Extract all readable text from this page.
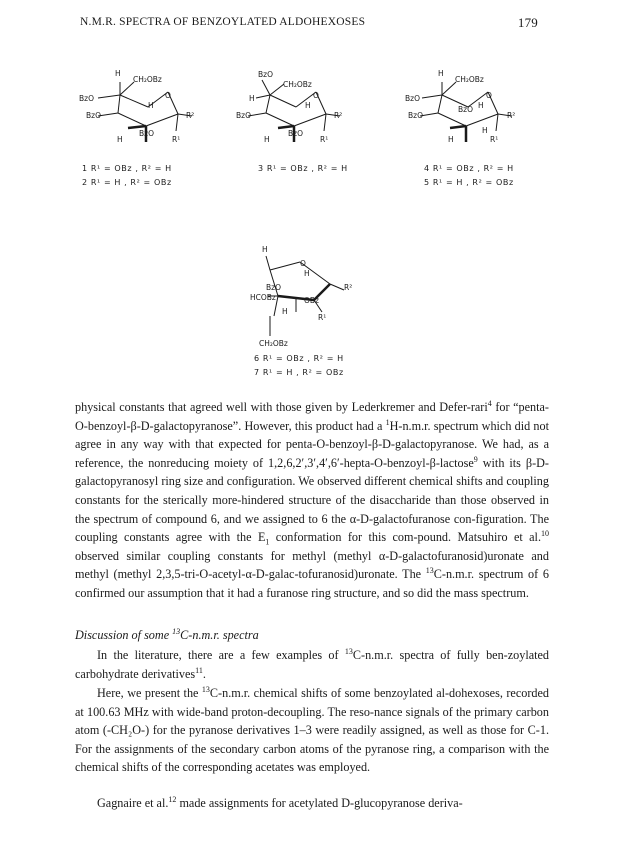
N.M.R. SPECTRA OF BENZOYLATED ALDOHEXOSES	179
H
CH₂OBz
BzO
BzO
O
H
BzO
R¹
R²
H
BzO
CH₂OBz
H
BzO
O
H
BzO
R¹
R²
H
H
CH₂OBz
BzO
BzO
O
H
BzO
R¹
R²
H
H
H
O
H
R²
BzO
HCOBz
H
OBz
R¹
CH₂OBz
1 R¹ = OBz , R² = H
2 R¹ = H , R² = OBz
3 R¹ = OBz , R² = H	4 R¹ = OBz , R² = H
5 R¹ = H , R² = OBz
6 R¹ = OBz , R² = H
7 R¹ = H , R² = OBz

physical constants that agreed well with those given by Lederkremer and Defer-rari$^4$ for “penta-O-benzoyl-β-D-galactopyranose”. However, this product had a $^1$H-n.m.r. spectrum which did not agree in any way with that expected for penta-O-benzoyl-β-D-galactopyranose. We had, as a reference, the nonreducing moiety of 1,2,6,2′,3′,4′,6′-hepta-O-benzoyl-β-lactose$^9$ with its β-D-galactopyranosyl ring size and configuration. We observed different chemical shifts and coupling constants for the sterically more-hindered structure of the disaccharide than those observed in the spectrum of compound 6, and we assigned to 6 the α-D-galactofuranose con-figuration. The coupling constants agree with the $E_1$ conformation for this com-pound. Matsuhiro et al.$^{10}$ observed similar coupling constants for methyl (methyl α-D-galactofuranosid)uronate and methyl (methyl 2,3,5-tri-O-acetyl-α-D-galac-tofuranosid)uronate. The $^{13}$C-n.m.r. spectrum of 6 confirmed our assumption that it had a furanose ring structure, and so did the mass spectrum.

Discussion of some $^{13}$C-n.m.r. spectra

In the literature, there are a few examples of $^{13}$C-n.m.r. spectra of fully ben-zoylated carbohydrate derivatives$^{11}$.

Here, we present the $^{13}$C-n.m.r. chemical shifts of some benzoylated al-dohexoses, recorded at 100.63 MHz with wide-band proton-decoupling. The reso-nance signals of the primary carbon atom (-CH₂O-) for the pyranose derivatives 1–3 were readily assigned, as well as those for C-1. For the assignments of the secondary carbon atoms of the pyranose ring, a comparison with the chemical shifts of the corresponding acetates was employed.

Gagnaire et al.$^{12}$ made assignments for acetylated D-glucopyranose deriva-
